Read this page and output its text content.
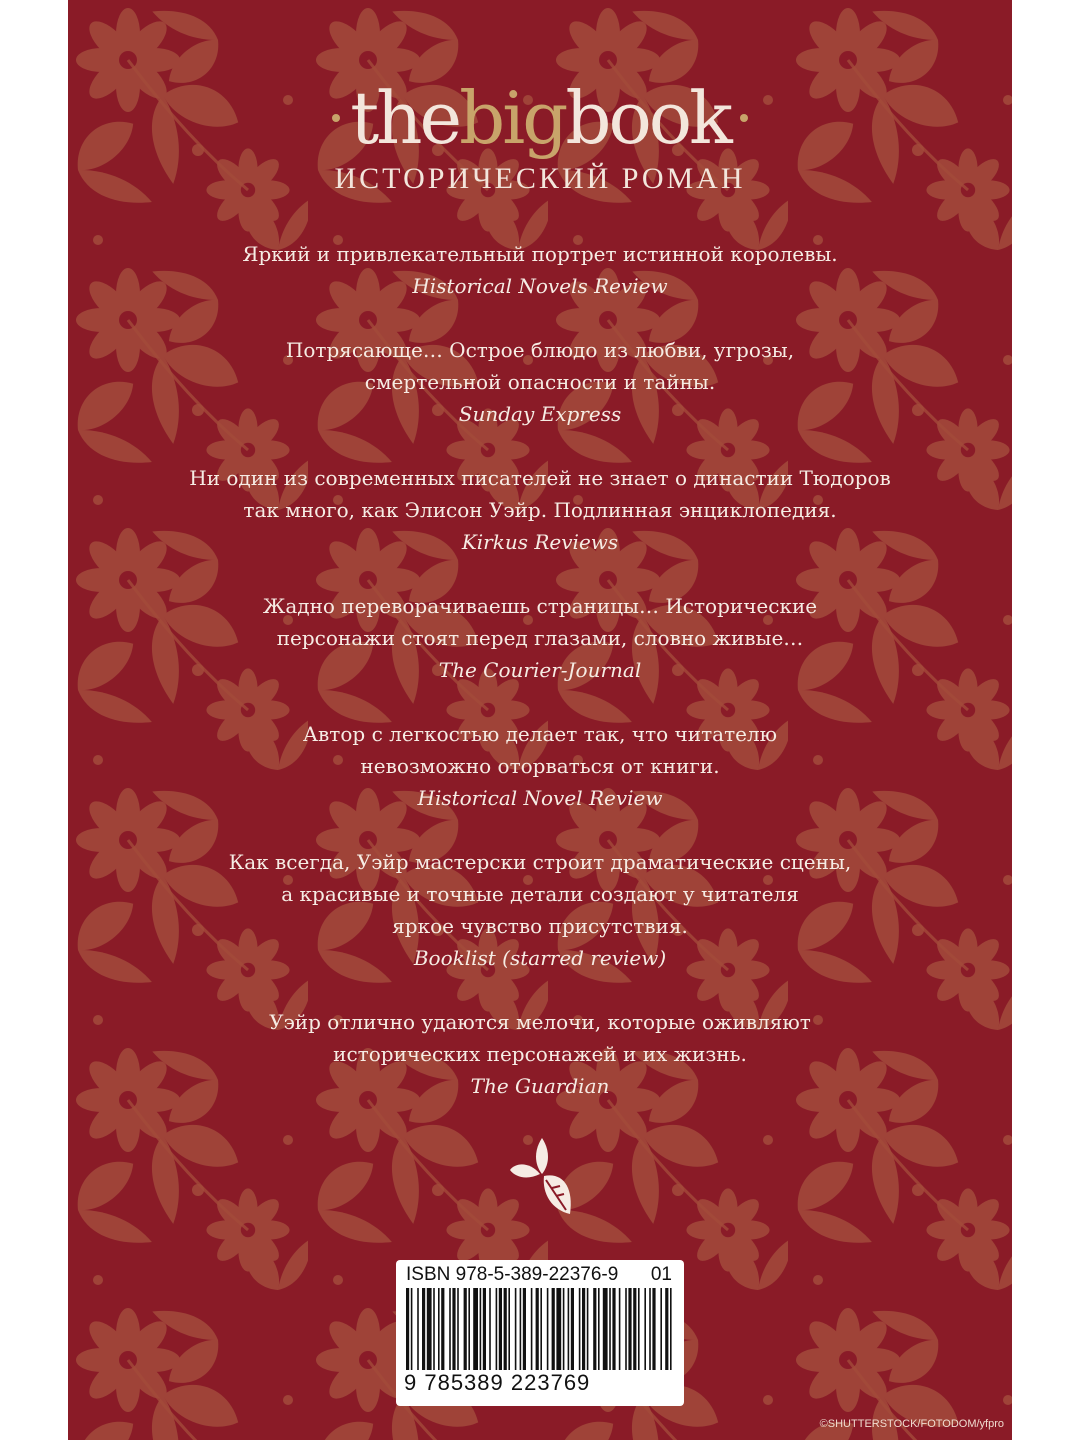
thebigbook
ИСТОРИЧЕСКИЙ РОМАН
Яркий и привлекательный портрет истинной королевы.
Historical Novels Review
Потрясающе… Острое блюдо из любви, угрозы,
смертельной опасности и тайны.
Sunday Express
Ни один из современных писателей не знает о династии Тюдоров
так много, как Элисон Уэйр. Подлинная энциклопедия.
Kirkus Reviews
Жадно переворачиваешь страницы… Исторические
персонажи стоят перед глазами, словно живые…
The Courier-Journal
Автор с легкостью делает так, что читателю
невозможно оторваться от книги.
Historical Novel Review
Как всегда, Уэйр мастерски строит драматические сцены,
а красивые и точные детали создают у читателя
яркое чувство присутствия.
Booklist (starred review)
Уэйр отлично удаются мелочи, которые оживляют
исторических персонажей и их жизнь.
The Guardian
ISBN 978-5-389-22376-9 01
9 785389 223769
©SHUTTERSTOCK/FOTODOM/yfpro
